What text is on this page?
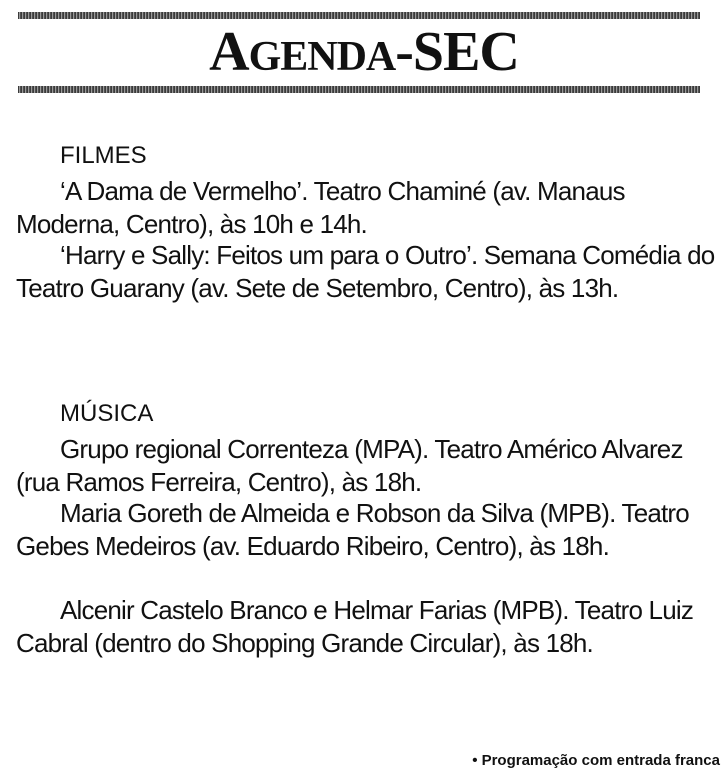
AGENDA-SEC
FILMES
‘A Dama de Vermelho’. Teatro Chaminé (av. Manaus Moderna, Centro), às 10h e 14h.
‘Harry e Sally: Feitos um para o Outro’. Semana Comédia do Teatro Guarany (av. Sete de Setembro, Centro), às 13h.
MÚSICA
Grupo regional Correnteza (MPA). Teatro Américo Alvarez (rua Ramos Ferreira, Centro), às 18h.
Maria Goreth de Almeida e Robson da Silva (MPB). Teatro Gebes Medeiros (av. Eduardo Ribeiro, Centro), às 18h.
Alcenir Castelo Branco e Helmar Farias (MPB). Teatro Luiz Cabral (dentro do Shopping Grande Circular), às 18h.
• Programação com entrada franca
